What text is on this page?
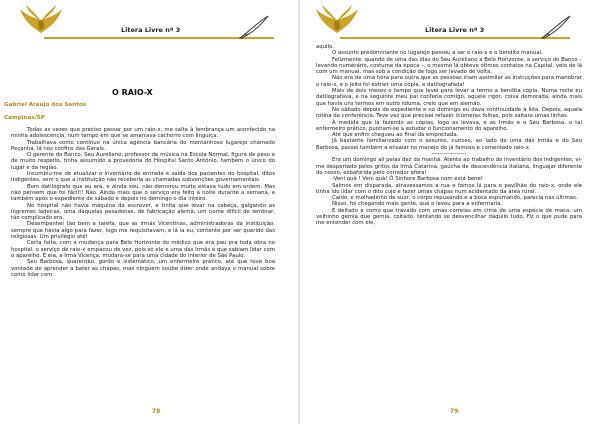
Litera Livre nº 3
O RAIO-X
Gabriel Araujo dos Santos
Campinas/SP

Todas as vezes que preciso passar por um raio-x, me salta à lembrança um acontecido na minha adolescência, num tempo em que se amarrava cachorro com linguiça.

Trabalhava como contínuo na única agência bancária do montanhoso lugarejo chamado Peçanha, lá nos confins das Gerais.

O gerente do Banco, Seu Aureliano, professor de música na Escola Normal, figura de peso e de muito respeito, tinha assumido a provedoria do Hospital Santo Antônio, também o único do lugar e da região.

Incumbiu-me de atualizar o inventário de entrada e saída dos pacientes do hospital, ditos indigentes, sem o que a instituição não receberia as chamadas subvenções governamentais.

Bom datilógrafo que eu era, e ainda sou, não demorou muito estava tudo em ordem. Mas não pensem que foi fácil!! Não. Ainda mais que o serviço era feito à noite durante a semana, e também após o expediente de sábado e depois no domingo o dia inteiro.

No hospital não havia máquina de escrever, e tinha que levar na cabeça, galgando as íngremes ladeiras, uma daquelas pesadonas, de fabricação alemã, um nome difícil de lembrar, tão complicado era.

Desempenhei tão bem a tarefa, que as Irmãs Vicentinas, administradoras da instituição, sempre que havia algo para fazer, logo me requisitavam, e lá ia eu, contente por ser querido das religiosas. Um privilégio até!

Certa feita, com a mudança para Belo Horizonte do médico que era pau pra toda obra no hospital, o serviço de raio-x empacou de vez, pois só ele e uma das Irmãs é que sabiam lidar com o aparelho. E ela, a Irmã Vicença, mudara-se para uma cidade do interior de São Paulo.

Seu Barbosa, quarentão, gordo e sistemático, um enfermeiro prático, até que teve boa vontade de aprender a bater as chapas, mas ninguém soube dizer onde andava o manual sobre como lidar com

78
Litera Livre nº 3

aquilo.

O assunto predominante no lugarejo passou a ser o raio-x e o bendito manual.

Felizmente, quando de uma das idas do Seu Aureliano a Belo Horizonte, a serviço do Banco – levando numerário, costume da época –, o mesmo lá obteve ótimos contatos na Capital, veio de lá com um manual, mas sob a condição de logo ser levado de volta.

Não era de uma hora para outra que as pessoas iriam assimilar as instruções para manobrar o raio-x, e o jeito foi extrair uma cópia, e datilografada!

Mais de dois meses o tempo que levei para levar a termo a bendita cópia. Numa noite eu datilografava, e na seguinte meu pai conferia comigo, aquele rigor, coisa demorada, ainda mais que havia uns termos em outro idioma, creio que em alemão.

No sábado depois do expediente e no domingo eu dava continuidade à lida. Depois, aquela rotina da conferência. Teve vez que precisei refazer inúmeras folhas, pois saltara umas linhas.

À medida que ia fazendo as cópias, logo as levava, e as Irmãs e o Seu Barbosa, o tal enfermeiro prático, punham-se a estudar o funcionamento do aparelho.

Até que enfim chegueu ao final da empreitada.

Já bastante familiarizado com o assunto, curioso, ao lado de uma das Irmãs e do Seu Barbosa, passei também a ensaiar no manejo do já famoso e comentado raio-x.

------------------

Era um domingo ali pelas dez da manhã. Atento ao trabalho do inventário dos indigentes, vi-me despertado pelos gritos da Irmã Catarina, gaúcha de descendência italiana, linguajar diferente do nosso, esbaforida pelo corredor afora!

-Veni quà ! Veni quà! Ó Sinhore Barbosa nom está bene!

Saímos em disparada, atravessamos a rua e fomos lá para o pavilhão do raio-x, onde ele tinha ido lidar com o dito cujo e fazer umas chapas num acidentado da área rural.

Caído, e molhadinho de suor, o corpo repuxando e a boca espumando, parecia nas últimas.

Nisso, foi chegando mais gente, que o levou para a enfermaria.

E deitado e como que travado com umas correias em cima de uma espécie de maca, um velhinho gemia que gemia, coitado, tentando se desvencilhar daquilo tudo. Fiz o que pude para me entender com ele,

79
